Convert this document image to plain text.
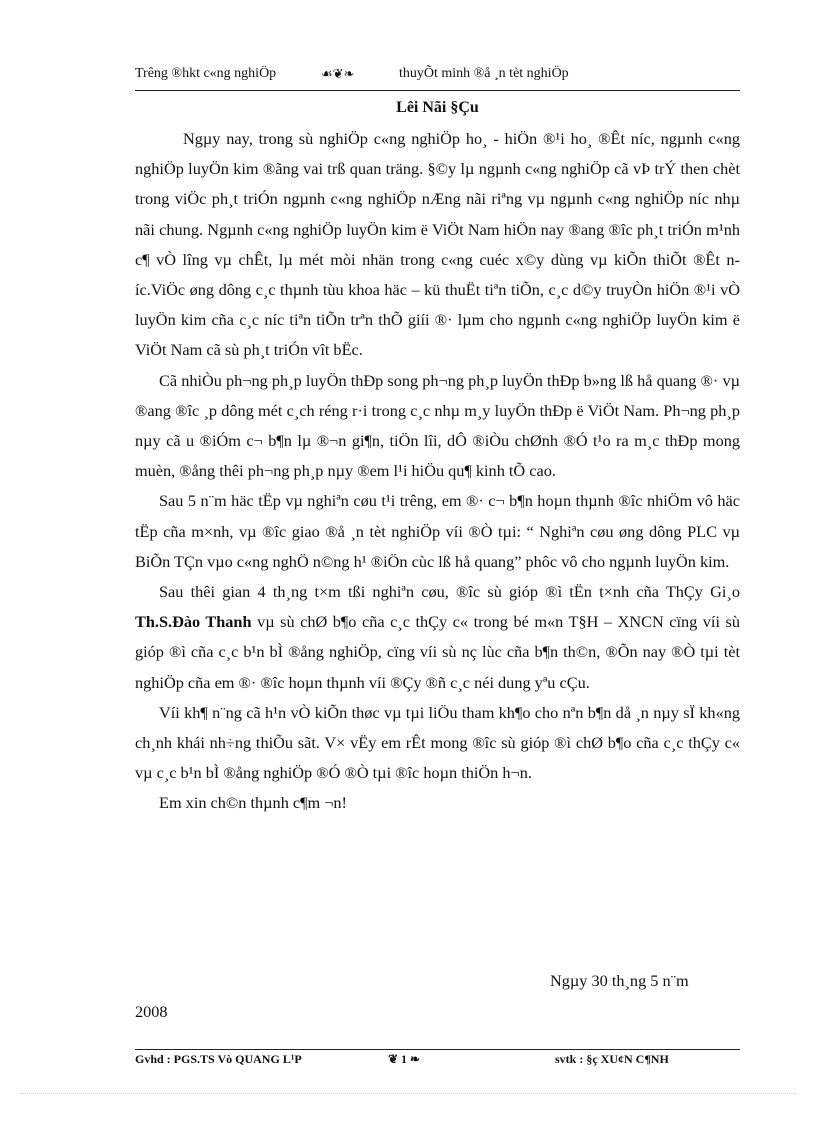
Trêng ®hkt c«ng nghiÖp	☙❦❧	thuyÕt minh ®å ¸n tèt nghiÖp
Lêi Nãi §Çu

Ngµy nay, trong sù nghiÖp c«ng nghiÖp ho¸ - hiÖn ®¹i ho¸ ®Êt níc, ngµnh c«ng nghiÖp luyÖn kim ®ãng vai trß quan träng. §©y lµ ngµnh c«ng nghiÖp cã vÞ trÝ then chèt trong viÖc ph¸t triÓn ngµnh c«ng nghiÖp nÆng nãi riªng vµ ngµnh c«ng nghiÖp níc nhµ nãi chung. Ngµnh c«ng nghiÖp luyÖn kim ë ViÖt Nam hiÖn nay ®ang ®îc ph¸t triÓn m¹nh c¶ vÒ lîng vµ chÊt, lµ mét mòi nhän trong c«ng cuéc x©y dùng vµ kiÕn thiÕt ®Êt níc.ViÖc øng dông c¸c thµnh tùu khoa häc – kü thuËt tiªn tiÕn, c¸c d©y truyÒn hiÖn ®¹i vÒ luyÖn kim cña c¸c níc tiªn tiÕn trªn thÕ giíi ®· lµm cho ngµnh c«ng nghiÖp luyÖn kim ë ViÖt Nam cã sù ph¸t triÓn vît bËc.

Cã nhiÒu ph¬ng ph¸p luyÖn thÐp song ph¬ng ph¸p luyÖn thÐp b»ng lß hå quang ®· vµ ®ang ®îc ¸p dông mét c¸ch réng r·i trong c¸c nhµ m¸y luyÖn thÐp ë ViÖt Nam. Ph¬ng ph¸p nµy cã u ®iÓm c¬ b¶n lµ ®¬n gi¶n, tiÖn lîi, dÔ ®iÒu chØnh ®Ó t¹o ra m¸c thÐp mong muèn, ®ång thêi ph¬ng ph¸p nµy ®em l¹i hiÖu qu¶ kinh tÕ cao.

Sau 5 n¨m häc tËp vµ nghiªn cøu t¹i trêng, em ®· c¬ b¶n hoµn thµnh ®îc nhiÖm vô häc tËp cña m×nh, vµ ®îc giao ®å ¸n tèt nghiÖp víi ®Ò tµi: “ Nghiªn cøu øng dông PLC vµ BiÕn TÇn vµo c«ng nghÖ n©ng h¹ ®iÖn cùc lß hå quang” phôc vô cho ngµnh luyÖn kim.

Sau thêi gian 4 th¸ng t×m tßi nghiªn cøu, ®îc sù gióp ®ì tËn t×nh cña ThÇy Gi¸o Th.S.Đào Thanh vµ sù chØ b¶o cña c¸c thÇy c« trong bé m«n T§H – XNCN cïng víi sù gióp ®ì cña c¸c b¹n bÌ ®ång nghiÖp, cïng víi sù nç lùc cña b¶n th©n, ®Õn nay ®Ò tµi tèt nghiÖp cña em ®· ®îc hoµn thµnh víi ®Çy ®ñ c¸c néi dung yªu cÇu.

Víi kh¶ n¨ng cã h¹n vÒ kiÕn thøc vµ tµi liÖu tham kh¶o cho nªn b¶n då ¸n nµy sÏ kh«ng ch¸nh khái nh÷ng thiÕu sãt. V× vËy em rÊt mong ®îc sù gióp ®ì chØ b¶o cña c¸c thÇy c« vµ c¸c b¹n bÌ ®ång nghiÖp ®Ó ®Ò tµi ®îc hoµn thiÖn h¬n.

Em xin ch©n thµnh c¶m ¬n!

Ngµy 30 th¸ng 5 n¨m
2008
Gvhd : PGS.TS Vò QUANG L¹P	❦ 1 ❧	svtk : §ç XU¢N C¶NH
